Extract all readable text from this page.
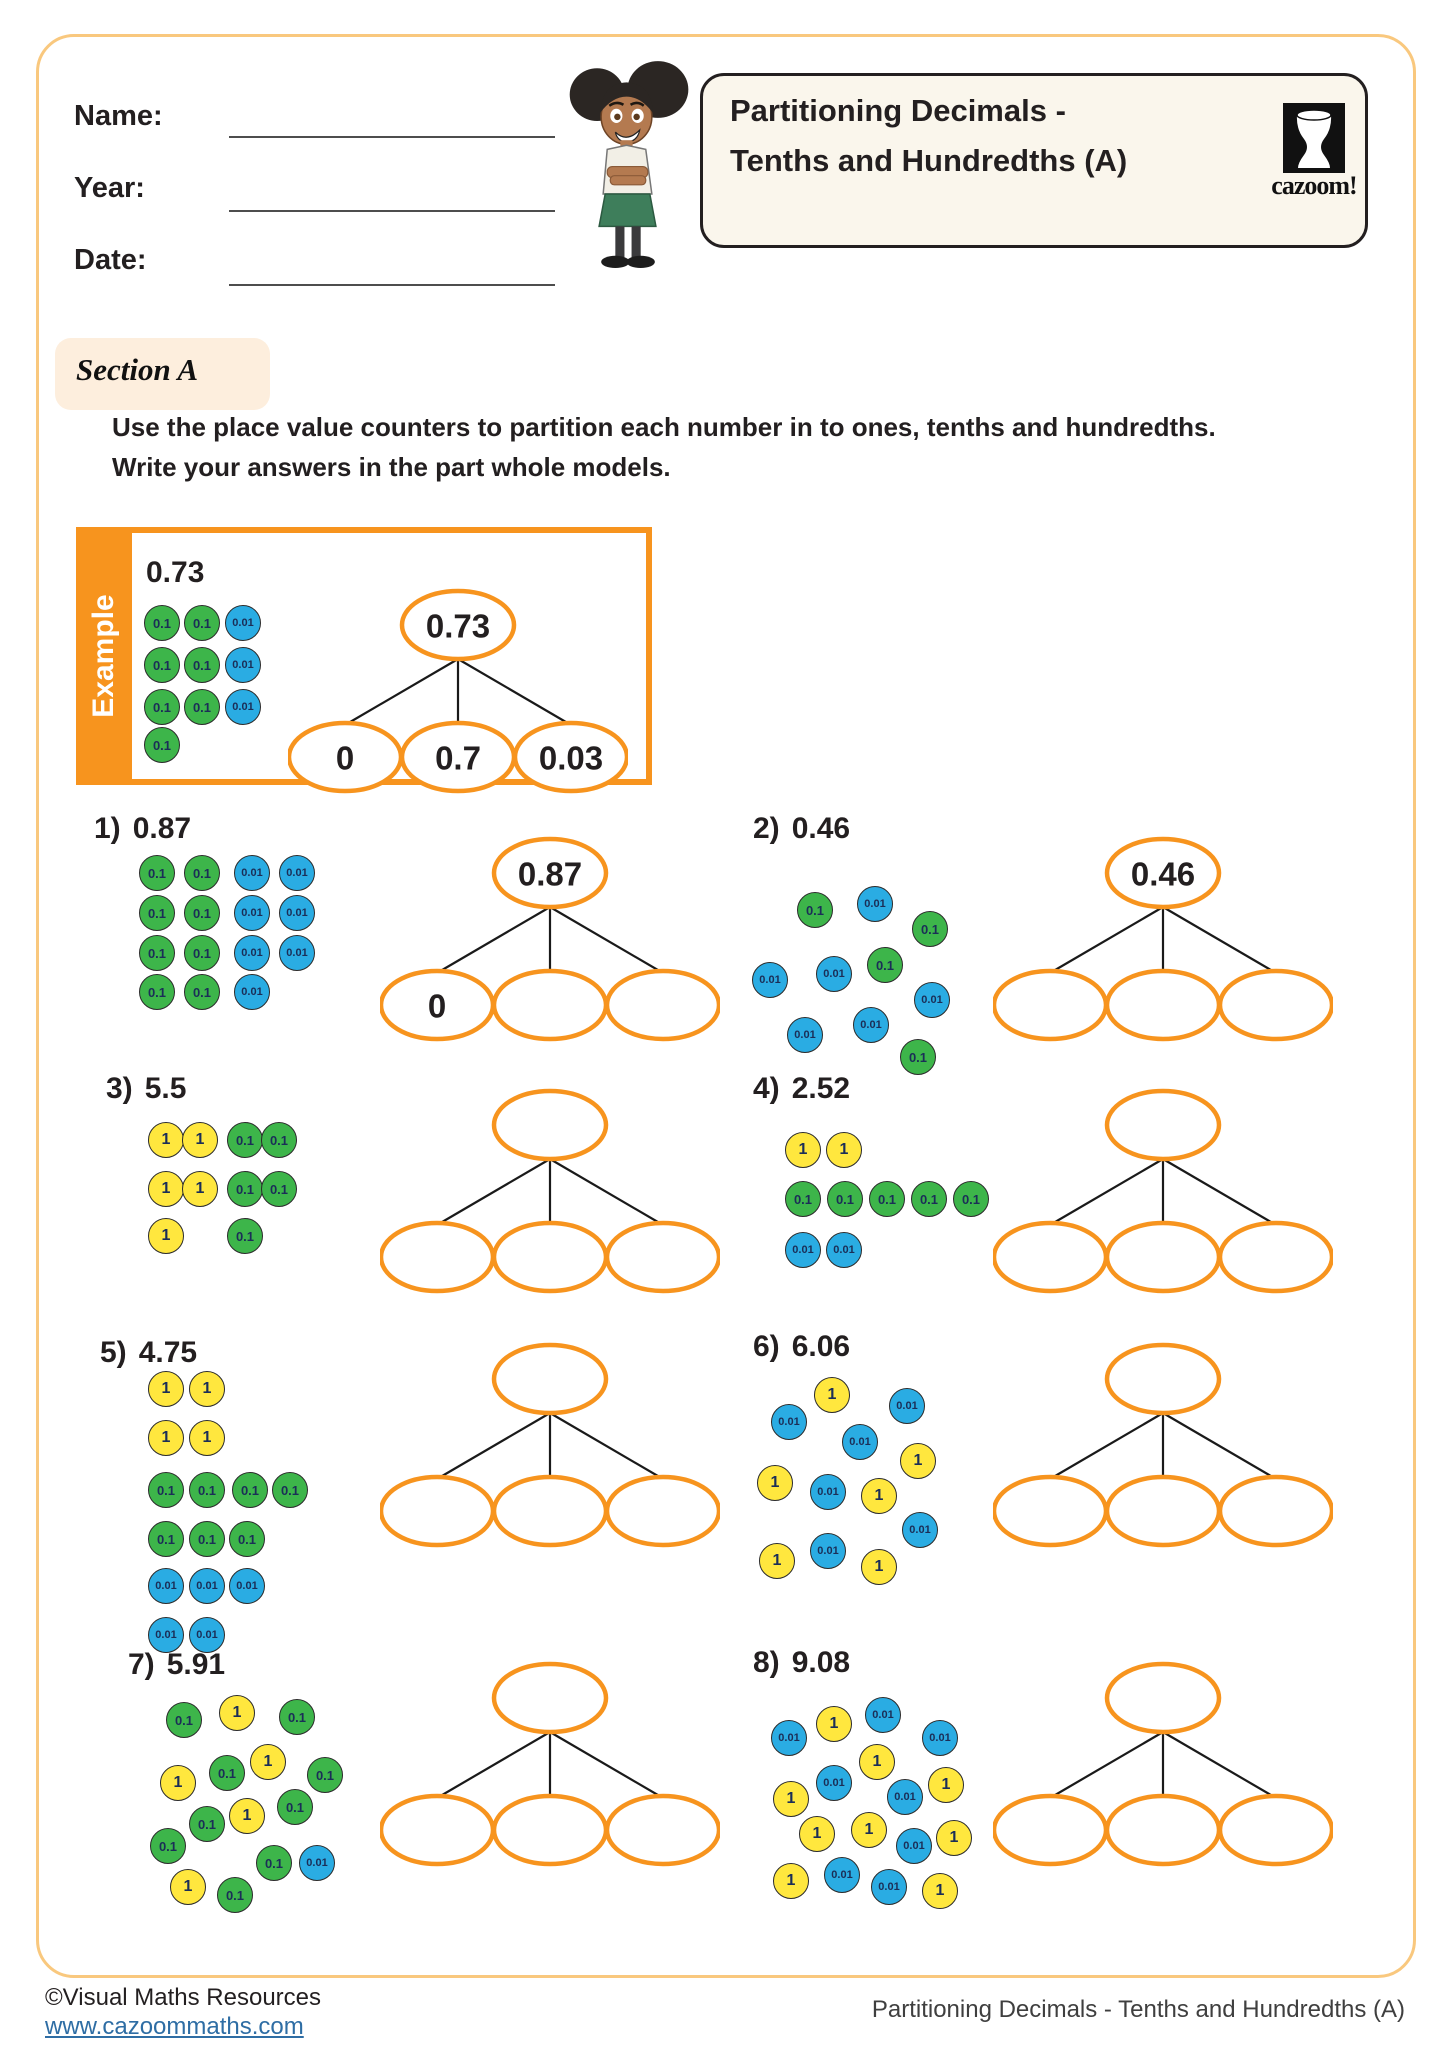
Name:
Year:
Date:
Partitioning Decimals -
Tenths and Hundredths (A)
cazoom!
Section A
Use the place value counters to partition each number in to ones, tenths and hundredths.
Write your answers in the part whole models.
Example
0.73
0.1	0.1	0.01
0.1	0.1	0.01
0.1	0.1	0.01
0.1
0.73
0 0.7 0.03
1) 0.87
0.1	0.1	0.01	0.01
0.1	0.1	0.01	0.01
0.1	0.1	0.01	0.01
0.1	0.1	0.01
0.87
0
2) 0.46
0.1	0.01
0.1
0.01
0.01
0.1
0.01
0.01
0.01
0.1
0.46
3) 5.5
1	1	0.1	0.1
1	1	0.1	0.1
1	0.1
4) 2.52
1	1
0.1	0.1	0.1	0.1	0.1
0.01	0.01
5) 4.75
1	1
1	1
0.1	0.1	0.1	0.1
0.1	0.1	0.1
0.01	0.01	0.01
0.01	0.01
6) 6.06
1
0.01
0.01
0.01
1
1
0.01	1
0.01
0.01
1	1
7) 5.91
0.1	1	0.1
1
0.1
1
0.1
0.1	1	0.1
0.1
0.1	0.01
1	0.1
8) 9.08
1
0.01
0.01	0.01
1
0.01	1
1	0.01
1	1
0.01	1
1	0.01
0.01	1
©Visual Maths Resources
www.cazoommaths.com
Partitioning Decimals - Tenths and Hundredths (A)
